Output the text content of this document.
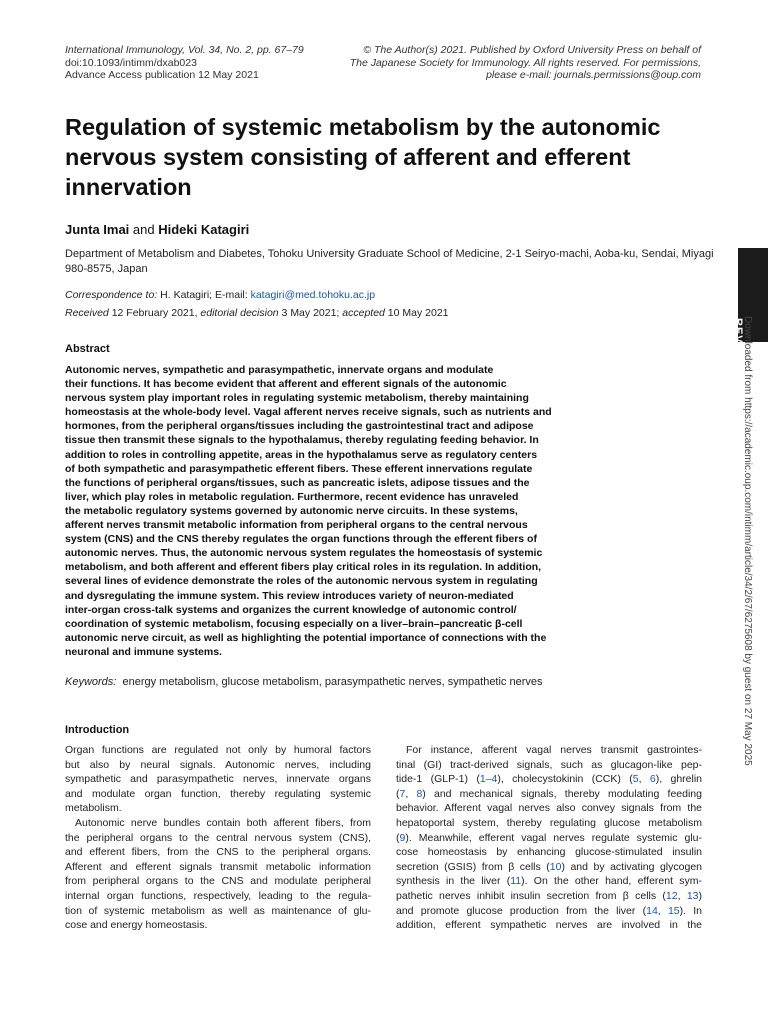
International Immunology, Vol. 34, No. 2, pp. 67–79
doi:10.1093/intimm/dxab023
Advance Access publication 12 May 2021
© The Author(s) 2021. Published by Oxford University Press on behalf of
The Japanese Society for Immunology. All rights reserved. For permissions,
please e-mail: journals.permissions@oup.com
Regulation of systemic metabolism by the autonomic nervous system consisting of afferent and efferent innervation
Junta Imai and Hideki Katagiri
Department of Metabolism and Diabetes, Tohoku University Graduate School of Medicine, 2-1 Seiryo-machi, Aoba-ku, Sendai, Miyagi 980-8575, Japan
Correspondence to: H. Katagiri; E-mail: katagiri@med.tohoku.ac.jp
Received 12 February 2021, editorial decision 3 May 2021; accepted 10 May 2021
Abstract
Autonomic nerves, sympathetic and parasympathetic, innervate organs and modulate
their functions. It has become evident that afferent and efferent signals of the autonomic
nervous system play important roles in regulating systemic metabolism, thereby maintaining
homeostasis at the whole-body level. Vagal afferent nerves receive signals, such as nutrients and
hormones, from the peripheral organs/tissues including the gastrointestinal tract and adipose
tissue then transmit these signals to the hypothalamus, thereby regulating feeding behavior. In
addition to roles in controlling appetite, areas in the hypothalamus serve as regulatory centers
of both sympathetic and parasympathetic efferent fibers. These efferent innervations regulate
the functions of peripheral organs/tissues, such as pancreatic islets, adipose tissues and the
liver, which play roles in metabolic regulation. Furthermore, recent evidence has unraveled
the metabolic regulatory systems governed by autonomic nerve circuits. In these systems,
afferent nerves transmit metabolic information from peripheral organs to the central nervous
system (CNS) and the CNS thereby regulates the organ functions through the efferent fibers of
autonomic nerves. Thus, the autonomic nervous system regulates the homeostasis of systemic
metabolism, and both afferent and efferent fibers play critical roles in its regulation. In addition,
several lines of evidence demonstrate the roles of the autonomic nervous system in regulating
and dysregulating the immune system. This review introduces variety of neuron-mediated
inter-organ cross-talk systems and organizes the current knowledge of autonomic control/
coordination of systemic metabolism, focusing especially on a liver–brain–pancreatic β-cell
autonomic nerve circuit, as well as highlighting the potential importance of connections with the
neuronal and immune systems.
Keywords: energy metabolism, glucose metabolism, parasympathetic nerves, sympathetic nerves
Introduction
Organ functions are regulated not only by humoral factors
but also by neural signals. Autonomic nerves, including
sympathetic and parasympathetic nerves, innervate organs
and modulate organ function, thereby regulating systemic
metabolism.
Autonomic nerve bundles contain both afferent fibers, from
the peripheral organs to the central nervous system (CNS),
and efferent fibers, from the CNS to the peripheral organs.
Afferent and efferent signals transmit metabolic information
from peripheral organs to the CNS and modulate peripheral
internal organ functions, respectively, leading to the regula-
tion of systemic metabolism as well as maintenance of glu-
cose and energy homeostasis.
For instance, afferent vagal nerves transmit gastrointes-
tinal (GI) tract-derived signals, such as glucagon-like pep-
tide-1 (GLP-1) (1–4), cholecystokinin (CCK) (5, 6), ghrelin
(7, 8) and mechanical signals, thereby modulating feeding
behavior. Afferent vagal nerves also convey signals from the
hepatoportal system, thereby regulating glucose metabolism
(9). Meanwhile, efferent vagal nerves regulate systemic glu-
cose homeostasis by enhancing glucose-stimulated insulin
secretion (GSIS) from β cells (10) and by activating glycogen
synthesis in the liver (11). On the other hand, efferent sym-
pathetic nerves inhibit insulin secretion from β cells (12, 13)
and promote glucose production from the liver (14, 15). In
addition, efferent sympathetic nerves are involved in the
REVIEW
Downloaded from https://academic.oup.com/intimm/article/34/2/67/6275608 by guest on 27 May 2025
